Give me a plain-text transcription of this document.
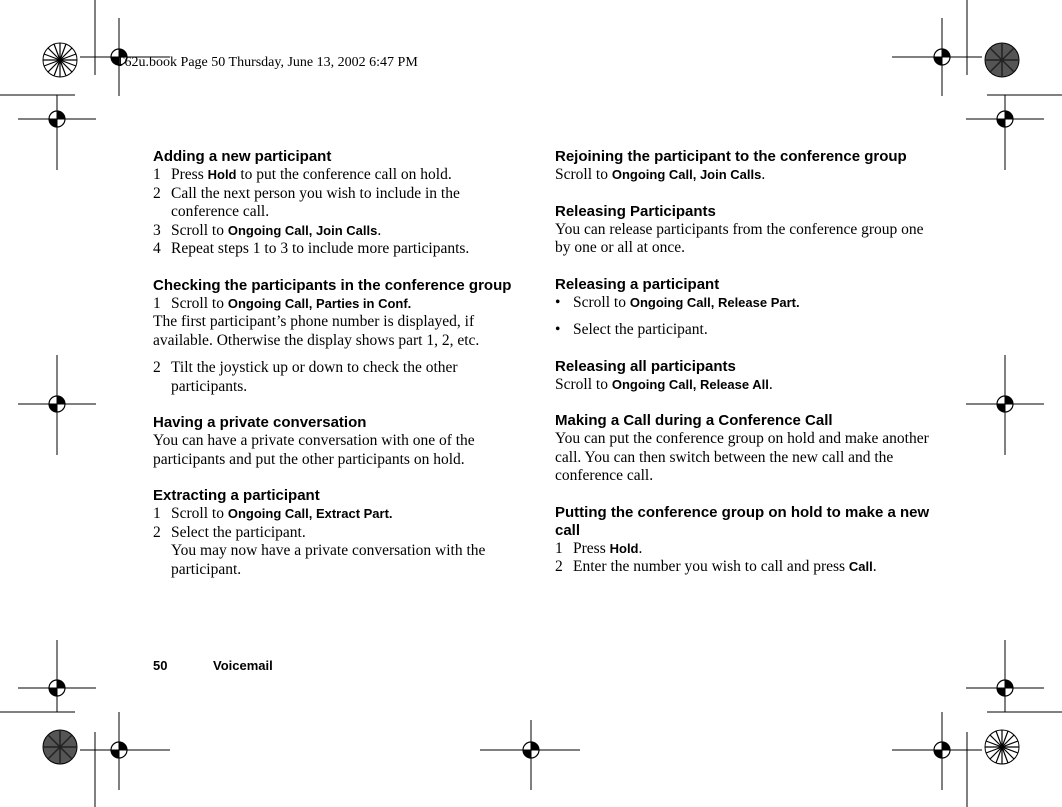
T62u.book Page 50 Thursday, June 13, 2002 6:47 PM
Adding a new participant
1 Press Hold to put the conference call on hold.
2 Call the next person you wish to include in the conference call.
3 Scroll to Ongoing Call, Join Calls.
4 Repeat steps 1 to 3 to include more participants.
Checking the participants in the conference group
1 Scroll to Ongoing Call, Parties in Conf.

The first participant’s phone number is displayed, if available. Otherwise the display shows part 1, 2, etc.

2 Tilt the joystick up or down to check the other participants.
Having a private conversation

You can have a private conversation with one of the participants and put the other participants on hold.

Extracting a participant
1 Scroll to Ongoing Call, Extract Part.
2 Select the participant.
You may now have a private conversation with the participant.
Rejoining the participant to the conference group

Scroll to Ongoing Call, Join Calls.

Releasing Participants

You can release participants from the conference group one by one or all at once.

Releasing a participant
• Scroll to Ongoing Call, Release Part.
• Select the participant.
Releasing all participants

Scroll to Ongoing Call, Release All.

Making a Call during a Conference Call

You can put the conference group on hold and make another call. You can then switch between the new call and the conference call.

Putting the conference group on hold to make a new call
1 Press Hold.
2 Enter the number you wish to call and press Call.
50	Voicemail
